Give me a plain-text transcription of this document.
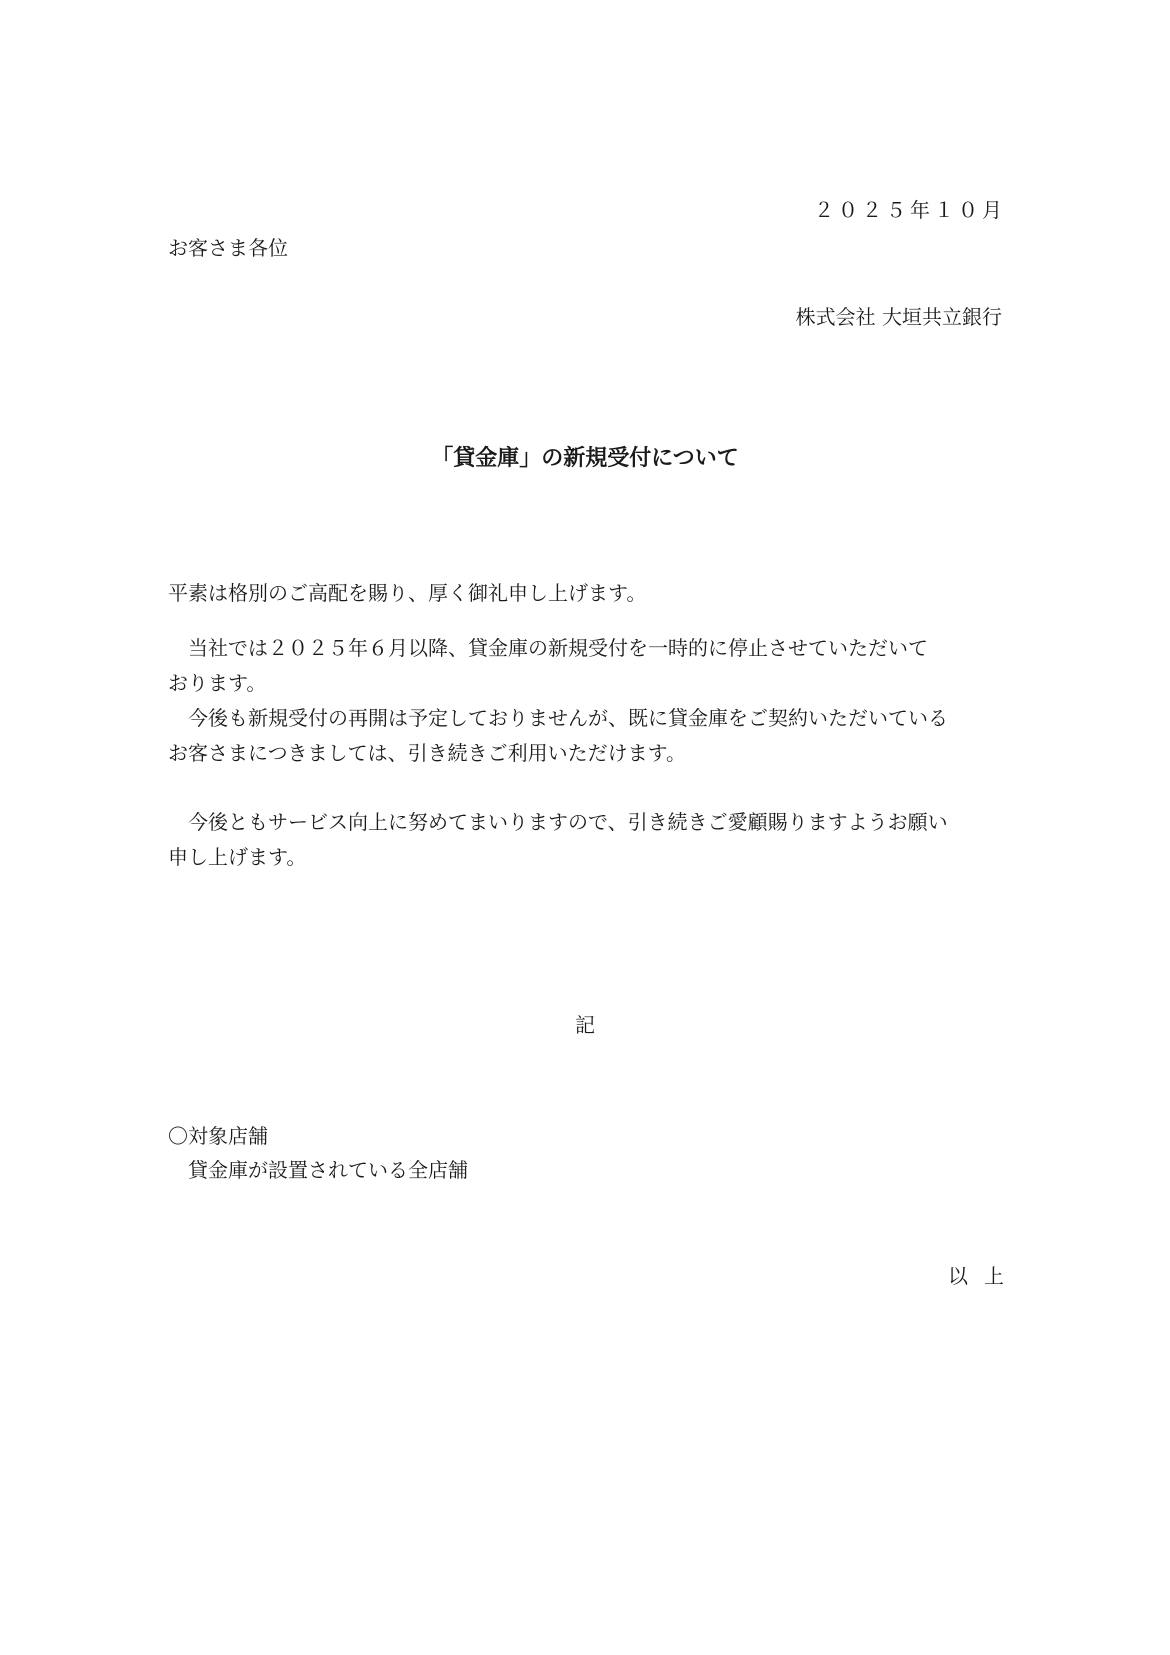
２０２５年１０月
お客さま各位
株式会社 大垣共立銀行
「貸金庫」の新規受付について

平素は格別のご高配を賜り、厚く御礼申し上げます。

　当社では２０２５年６月以降、貸金庫の新規受付を一時的に停止させていただいて

おります。

　今後も新規受付の再開は予定しておりませんが、既に貸金庫をご契約いただいている

お客さまにつきましては、引き続きご利用いただけます。

　今後ともサービス向上に努めてまいりますので、引き続きご愛顧賜りますようお願い

申し上げます。

記
〇対象店舗
貸金庫が設置されている全店舗
以上
